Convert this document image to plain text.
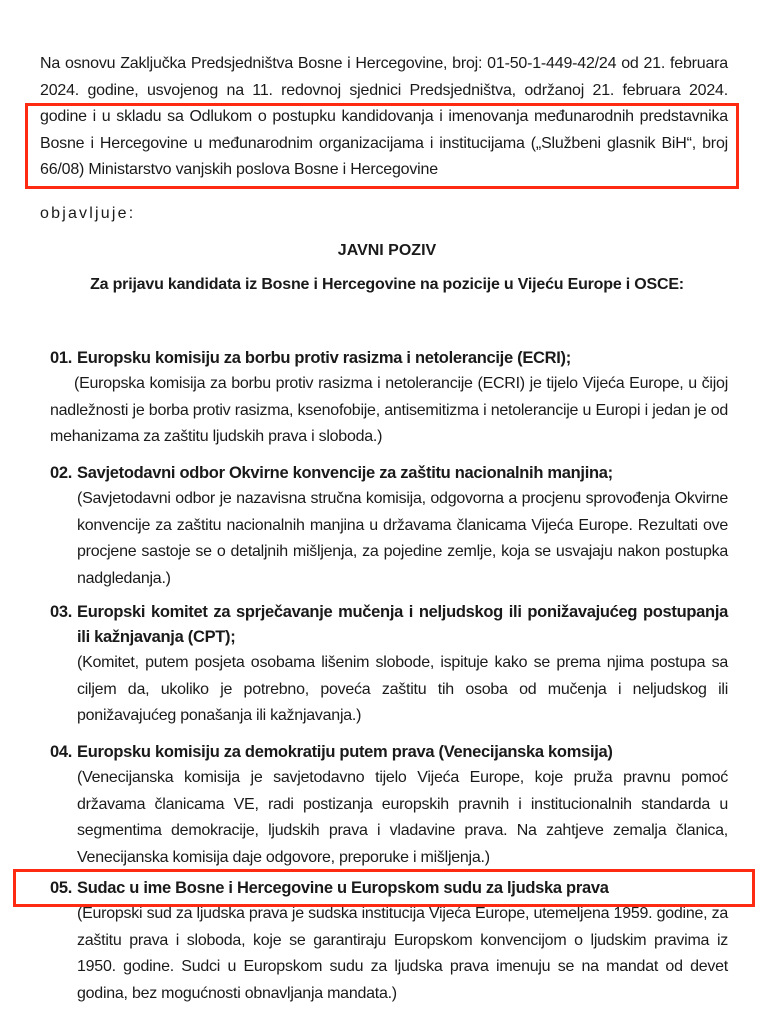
Na osnovu Zaključka Predsjedništva Bosne i Hercegovine, broj: 01-50-1-449-42/24 od 21. februara 2024. godine, usvojenog na 11. redovnoj sjednici Predsjedništva, održanoj 21. februara 2024. godine i u skladu sa Odlukom o postupku kandidovanja i imenovanja međunarodnih predstavnika Bosne i Hercegovine u međunarodnim organizacijama i institucijama („Službeni glasnik BiH“, broj 66/08) Ministarstvo vanjskih poslova Bosne i Hercegovine
objavljuje:
JAVNI POZIV
Za prijavu kandidata iz Bosne i Hercegovine na pozicije u Vijeću Europe i OSCE:
01. Europsku komisiju za borbu protiv rasizma i netolerancije (ECRI);
(Europska komisija za borbu protiv rasizma i netolerancije (ECRI) je tijelo Vijeća Europe, u čijoj nadležnosti je borba protiv rasizma, ksenofobije, antisemitizma i netolerancije u Europi i jedan je od mehanizama za zaštitu ljudskih prava i sloboda.)
02. Savjetodavni odbor Okvirne konvencije za zaštitu nacionalnih manjina;
(Savjetodavni odbor je nazavisna stručna komisija, odgovorna a procjenu sprovođenja Okvirne konvencije za zaštitu nacionalnih manjina u državama članicama Vijeća Europe. Rezultati ove procjene sastoje se o detaljnih mišljenja, za pojedine zemlje, koja se usvajaju nakon postupka nadgledanja.)
03. Europski komitet za sprječavanje mučenja i neljudskog ili ponižavajućeg postupanja ili kažnjavanja (CPT);
(Komitet, putem posjeta osobama lišenim slobode, ispituje kako se prema njima postupa sa ciljem da, ukoliko je potrebno, poveća zaštitu tih osoba od mučenja i neljudskog ili ponižavajućeg ponašanja ili kažnjavanja.)
04. Europsku komisiju za demokratiju putem prava (Venecijanska komsija)
(Venecijanska komisija je savjetodavno tijelo Vijeća Europe, koje pruža pravnu pomoć državama članicama VE, radi postizanja europskih pravnih i institucionalnih standarda u segmentima demokracije, ljudskih prava i vladavine prava. Na zahtjeve zemalja članica, Venecijanska komisija daje odgovore, preporuke i mišljenja.)
05. Sudac u ime Bosne i Hercegovine u Europskom sudu za ljudska prava
(Europski sud za ljudska prava je sudska institucija Vijeća Europe, utemeljena 1959. godine, za zaštitu prava i sloboda, koje se garantiraju Europskom konvencijom o ljudskim pravima iz 1950. godine. Sudci u Europskom sudu za ljudska prava imenuju se na mandat od devet godina, bez mogućnosti obnavljanja mandata.)
